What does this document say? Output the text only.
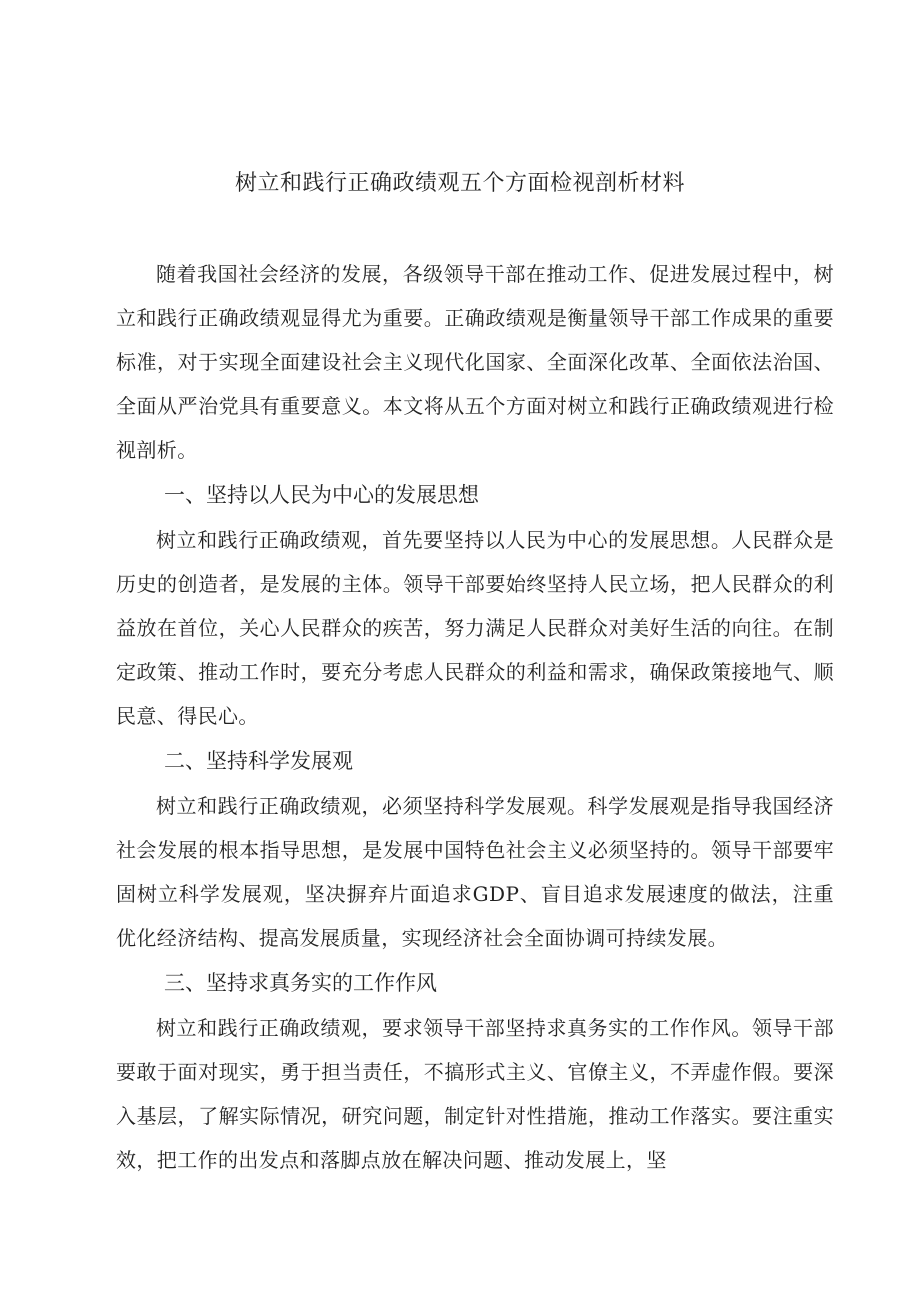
树立和践行正确政绩观五个方面检视剖析材料

随着我国社会经济的发展，各级领导干部在推动工作、促进发展过程中，树立和践行正确政绩观显得尤为重要。正确政绩观是衡量领导干部工作成果的重要标准，对于实现全面建设社会主义现代化国家、全面深化改革、全面依法治国、全面从严治党具有重要意义。本文将从五个方面对树立和践行正确政绩观进行检视剖析。

一、坚持以人民为中心的发展思想

树立和践行正确政绩观，首先要坚持以人民为中心的发展思想。人民群众是历史的创造者，是发展的主体。领导干部要始终坚持人民立场，把人民群众的利益放在首位，关心人民群众的疾苦，努力满足人民群众对美好生活的向往。在制定政策、推动工作时，要充分考虑人民群众的利益和需求，确保政策接地气、顺民意、得民心。

二、坚持科学发展观

树立和践行正确政绩观，必须坚持科学发展观。科学发展观是指导我国经济社会发展的根本指导思想，是发展中国特色社会主义必须坚持的。领导干部要牢固树立科学发展观，坚决摒弃片面追求GDP、盲目追求发展速度的做法，注重优化经济结构、提高发展质量，实现经济社会全面协调可持续发展。

三、坚持求真务实的工作作风

树立和践行正确政绩观，要求领导干部坚持求真务实的工作作风。领导干部要敢于面对现实，勇于担当责任，不搞形式主义、官僚主义，不弄虚作假。要深入基层，了解实际情况，研究问题，制定针对性措施，推动工作落实。要注重实效，把工作的出发点和落脚点放在解决问题、推动发展上，坚
